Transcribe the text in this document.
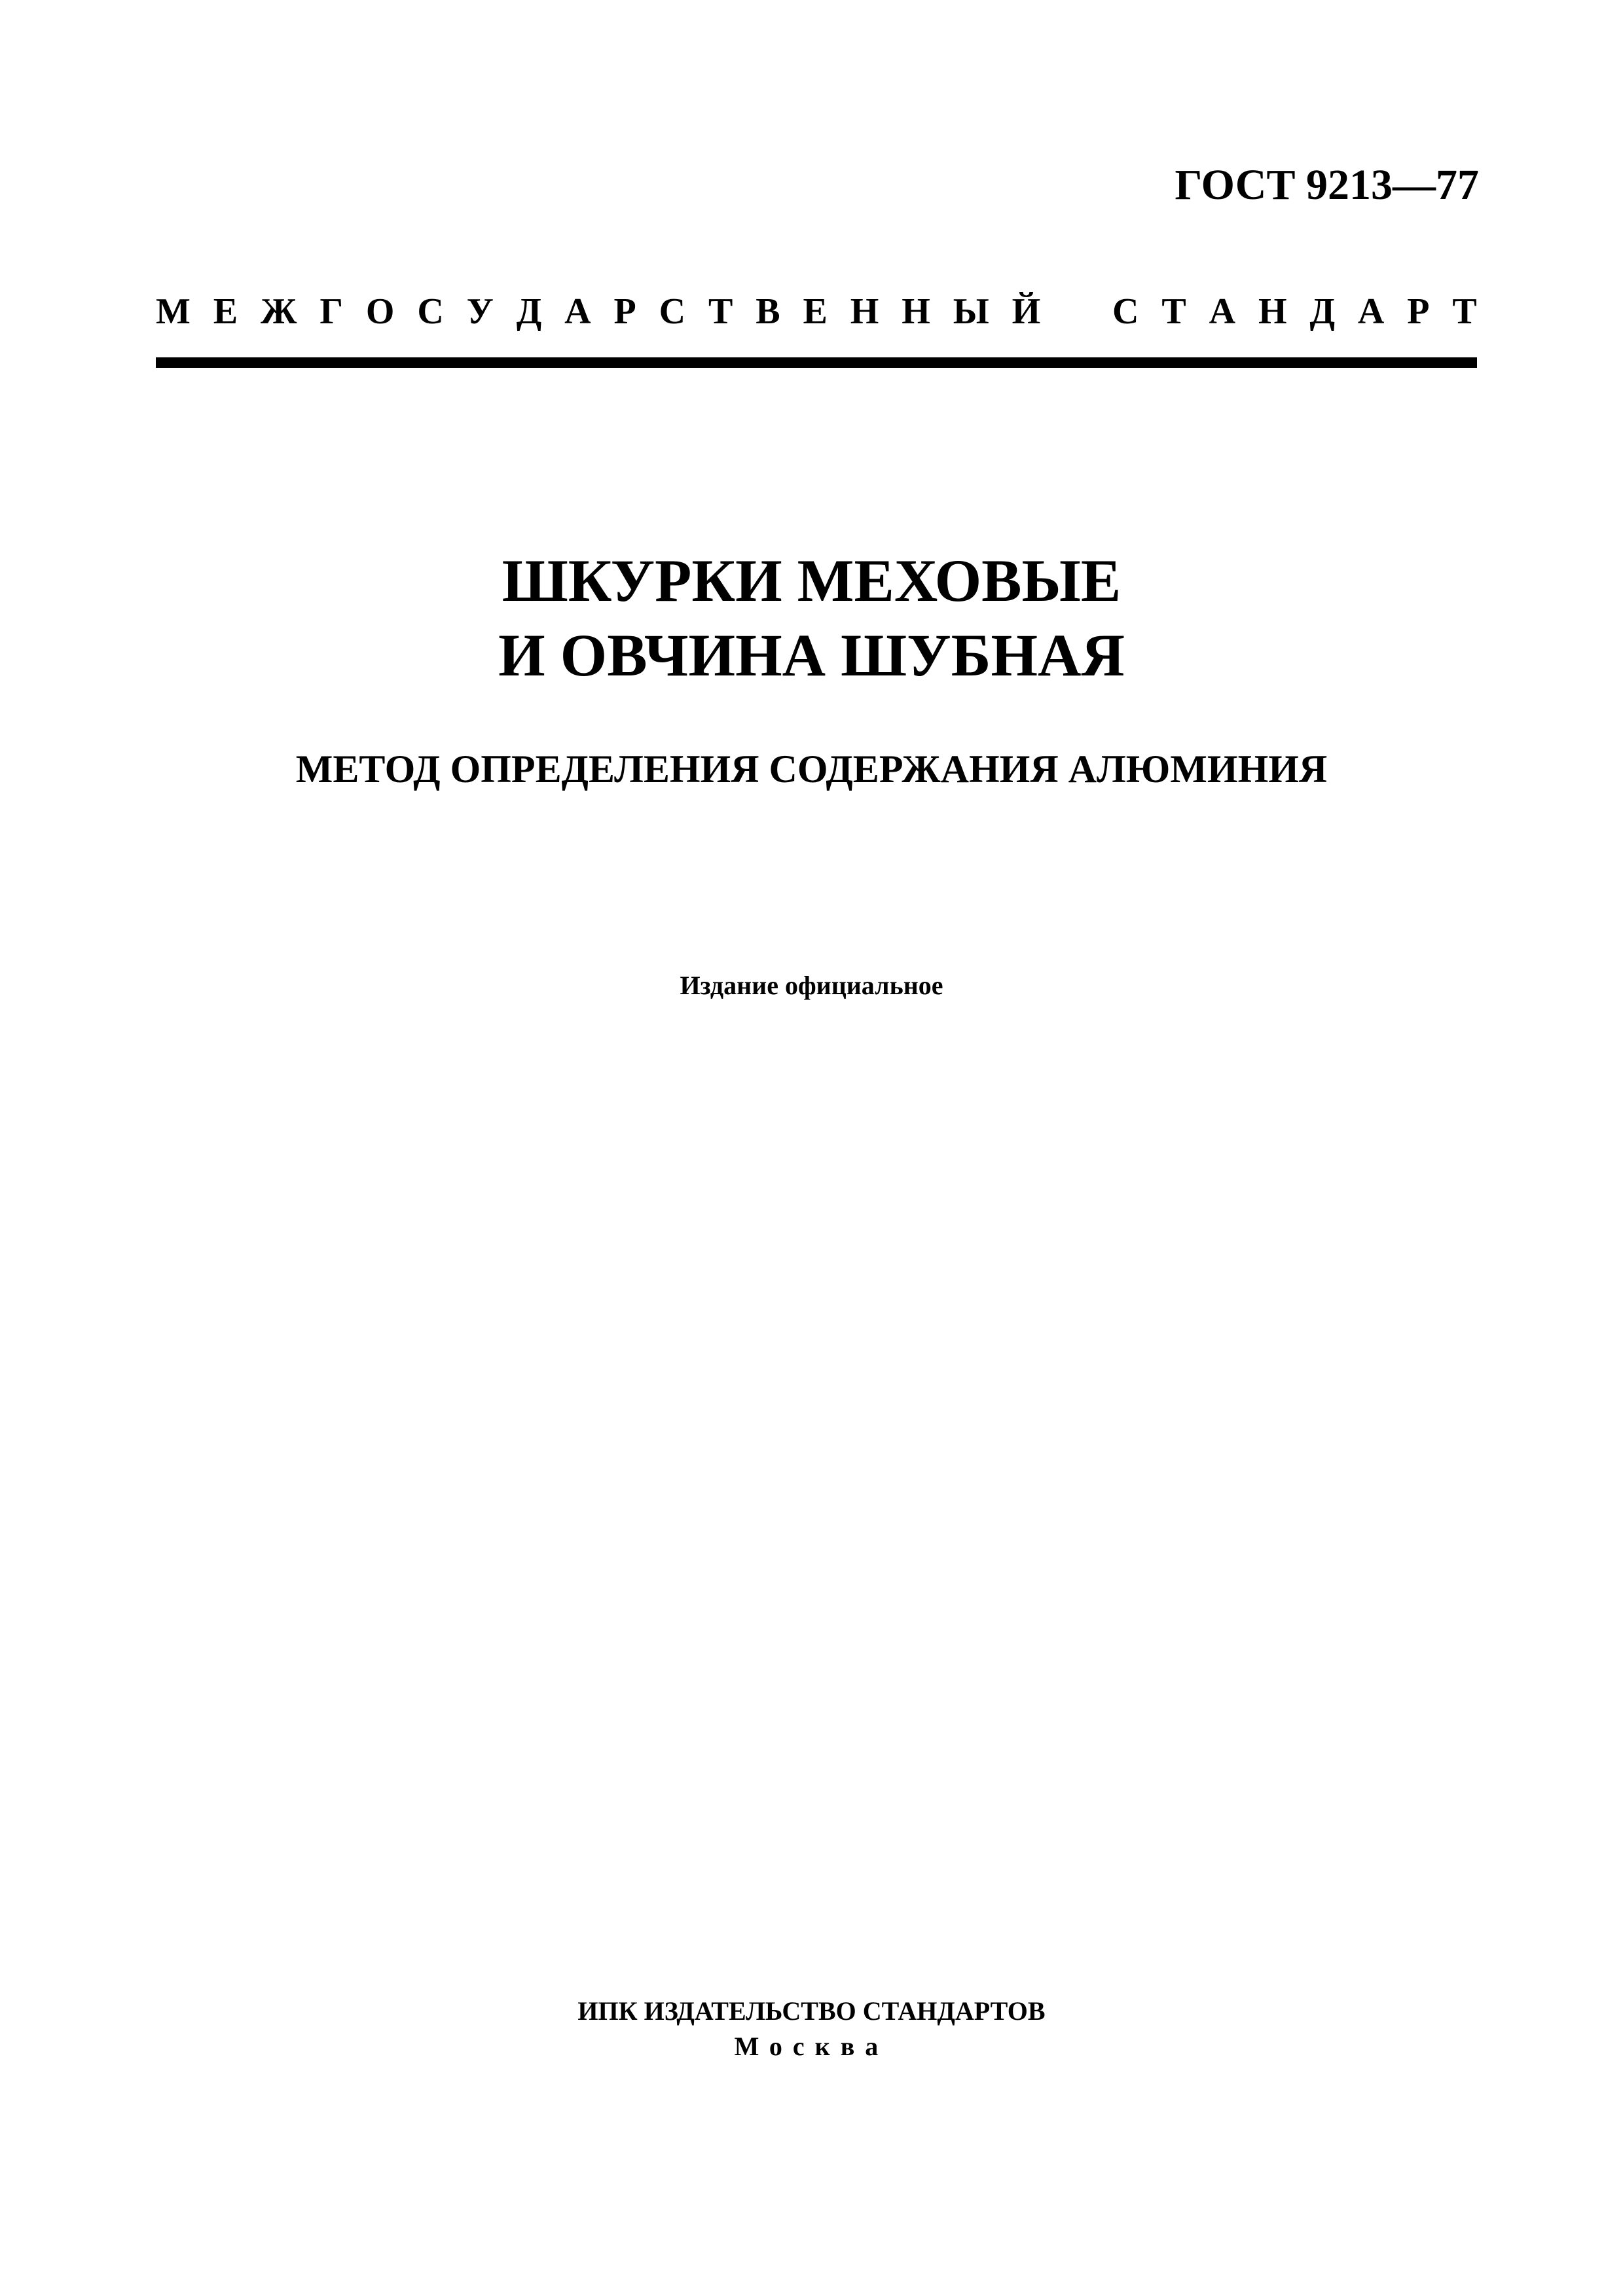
ГОСТ 9213—77
М Е Ж Г О С У Д А Р С Т В Е Н Н Ы Й С Т А Н Д А Р Т
ШКУРКИ МЕХОВЫЕ
И ОВЧИНА ШУБНАЯ
МЕТОД ОПРЕДЕЛЕНИЯ СОДЕРЖАНИЯ АЛЮМИНИЯ
Издание официальное
ИПК ИЗДАТЕЛЬСТВО СТАНДАРТОВ
Москва
